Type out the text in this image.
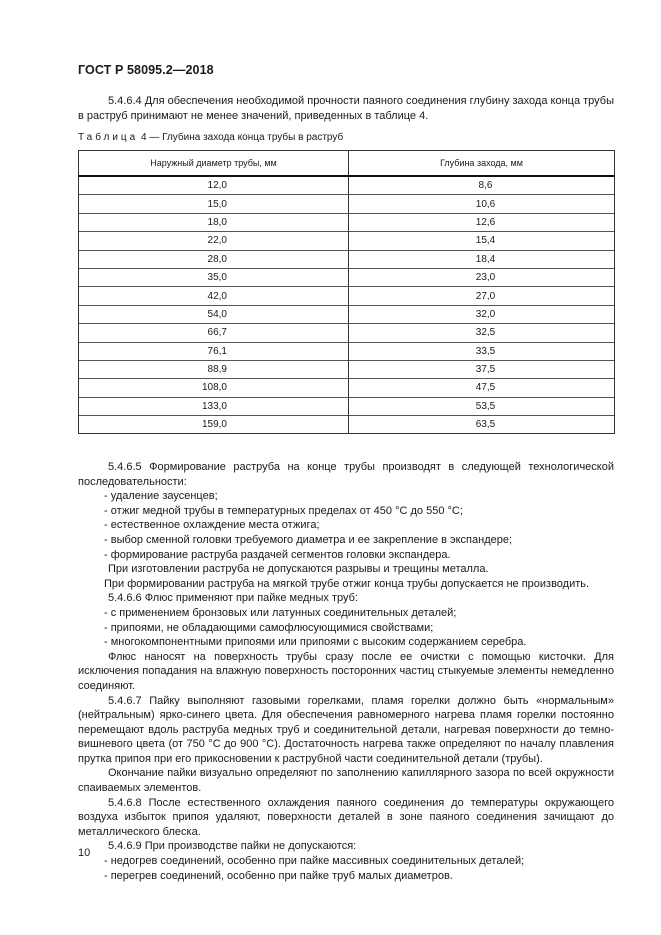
ГОСТ Р 58095.2—2018
5.4.6.4 Для обеспечения необходимой прочности паяного соединения глубину захода конца трубы в раструб принимают не менее значений, приведенных в таблице 4.
Таблица 4 — Глубина захода конца трубы в раструб
Наружный диаметр трубы, мм	Глубина захода, мм
12,0	8,6
15,0	10,6
18,0	12,6
22,0	15,4
28,0	18,4
35,0	23,0
42,0	27,0
54,0	32,0
66,7	32,5
76,1	33,5
88,9	37,5
108,0	47,5
133,0	53,5
159,0	63,5

5.4.6.5 Формирование раструба на конце трубы производят в следующей технологической последовательности:

- удаление заусенцев;

- отжиг медной трубы в температурных пределах от 450 °С до 550 °С;

- естественное охлаждение места отжига;

- выбор сменной головки требуемого диаметра и ее закрепление в экспандере;

- формирование раструба раздачей сегментов головки экспандера.

При изготовлении раструба не допускаются разрывы и трещины металла.

При формировании раструба на мягкой трубе отжиг конца трубы допускается не производить.

5.4.6.6 Флюс применяют при пайке медных труб:

- с применением бронзовых или латунных соединительных деталей;

- припоями, не обладающими самофлюсующимися свойствами;

- многокомпонентными припоями или припоями с высоким содержанием серебра.

Флюс наносят на поверхность трубы сразу после ее очистки с помощью кисточки. Для исключения попадания на влажную поверхность посторонних частиц стыкуемые элементы немедленно соединяют.

5.4.6.7 Пайку выполняют газовыми горелками, пламя горелки должно быть «нормальным» (нейтральным) ярко-синего цвета. Для обеспечения равномерного нагрева пламя горелки постоянно перемещают вдоль раструба медных труб и соединительной детали, нагревая поверхности до темно-вишневого цвета (от 750 °С до 900 °С). Достаточность нагрева также определяют по началу плавления прутка припоя при его прикосновении к раструбной части соединительной детали (трубы).

Окончание пайки визуально определяют по заполнению капиллярного зазора по всей окружности спаиваемых элементов.

5.4.6.8 После естественного охлаждения паяного соединения до температуры окружающего воздуха избыток припоя удаляют, поверхности деталей в зоне паяного соединения зачищают до металлического блеска.

5.4.6.9 При производстве пайки не допускаются:

- недогрев соединений, особенно при пайке массивных соединительных деталей;

- перегрев соединений, особенно при пайке труб малых диаметров.

10
